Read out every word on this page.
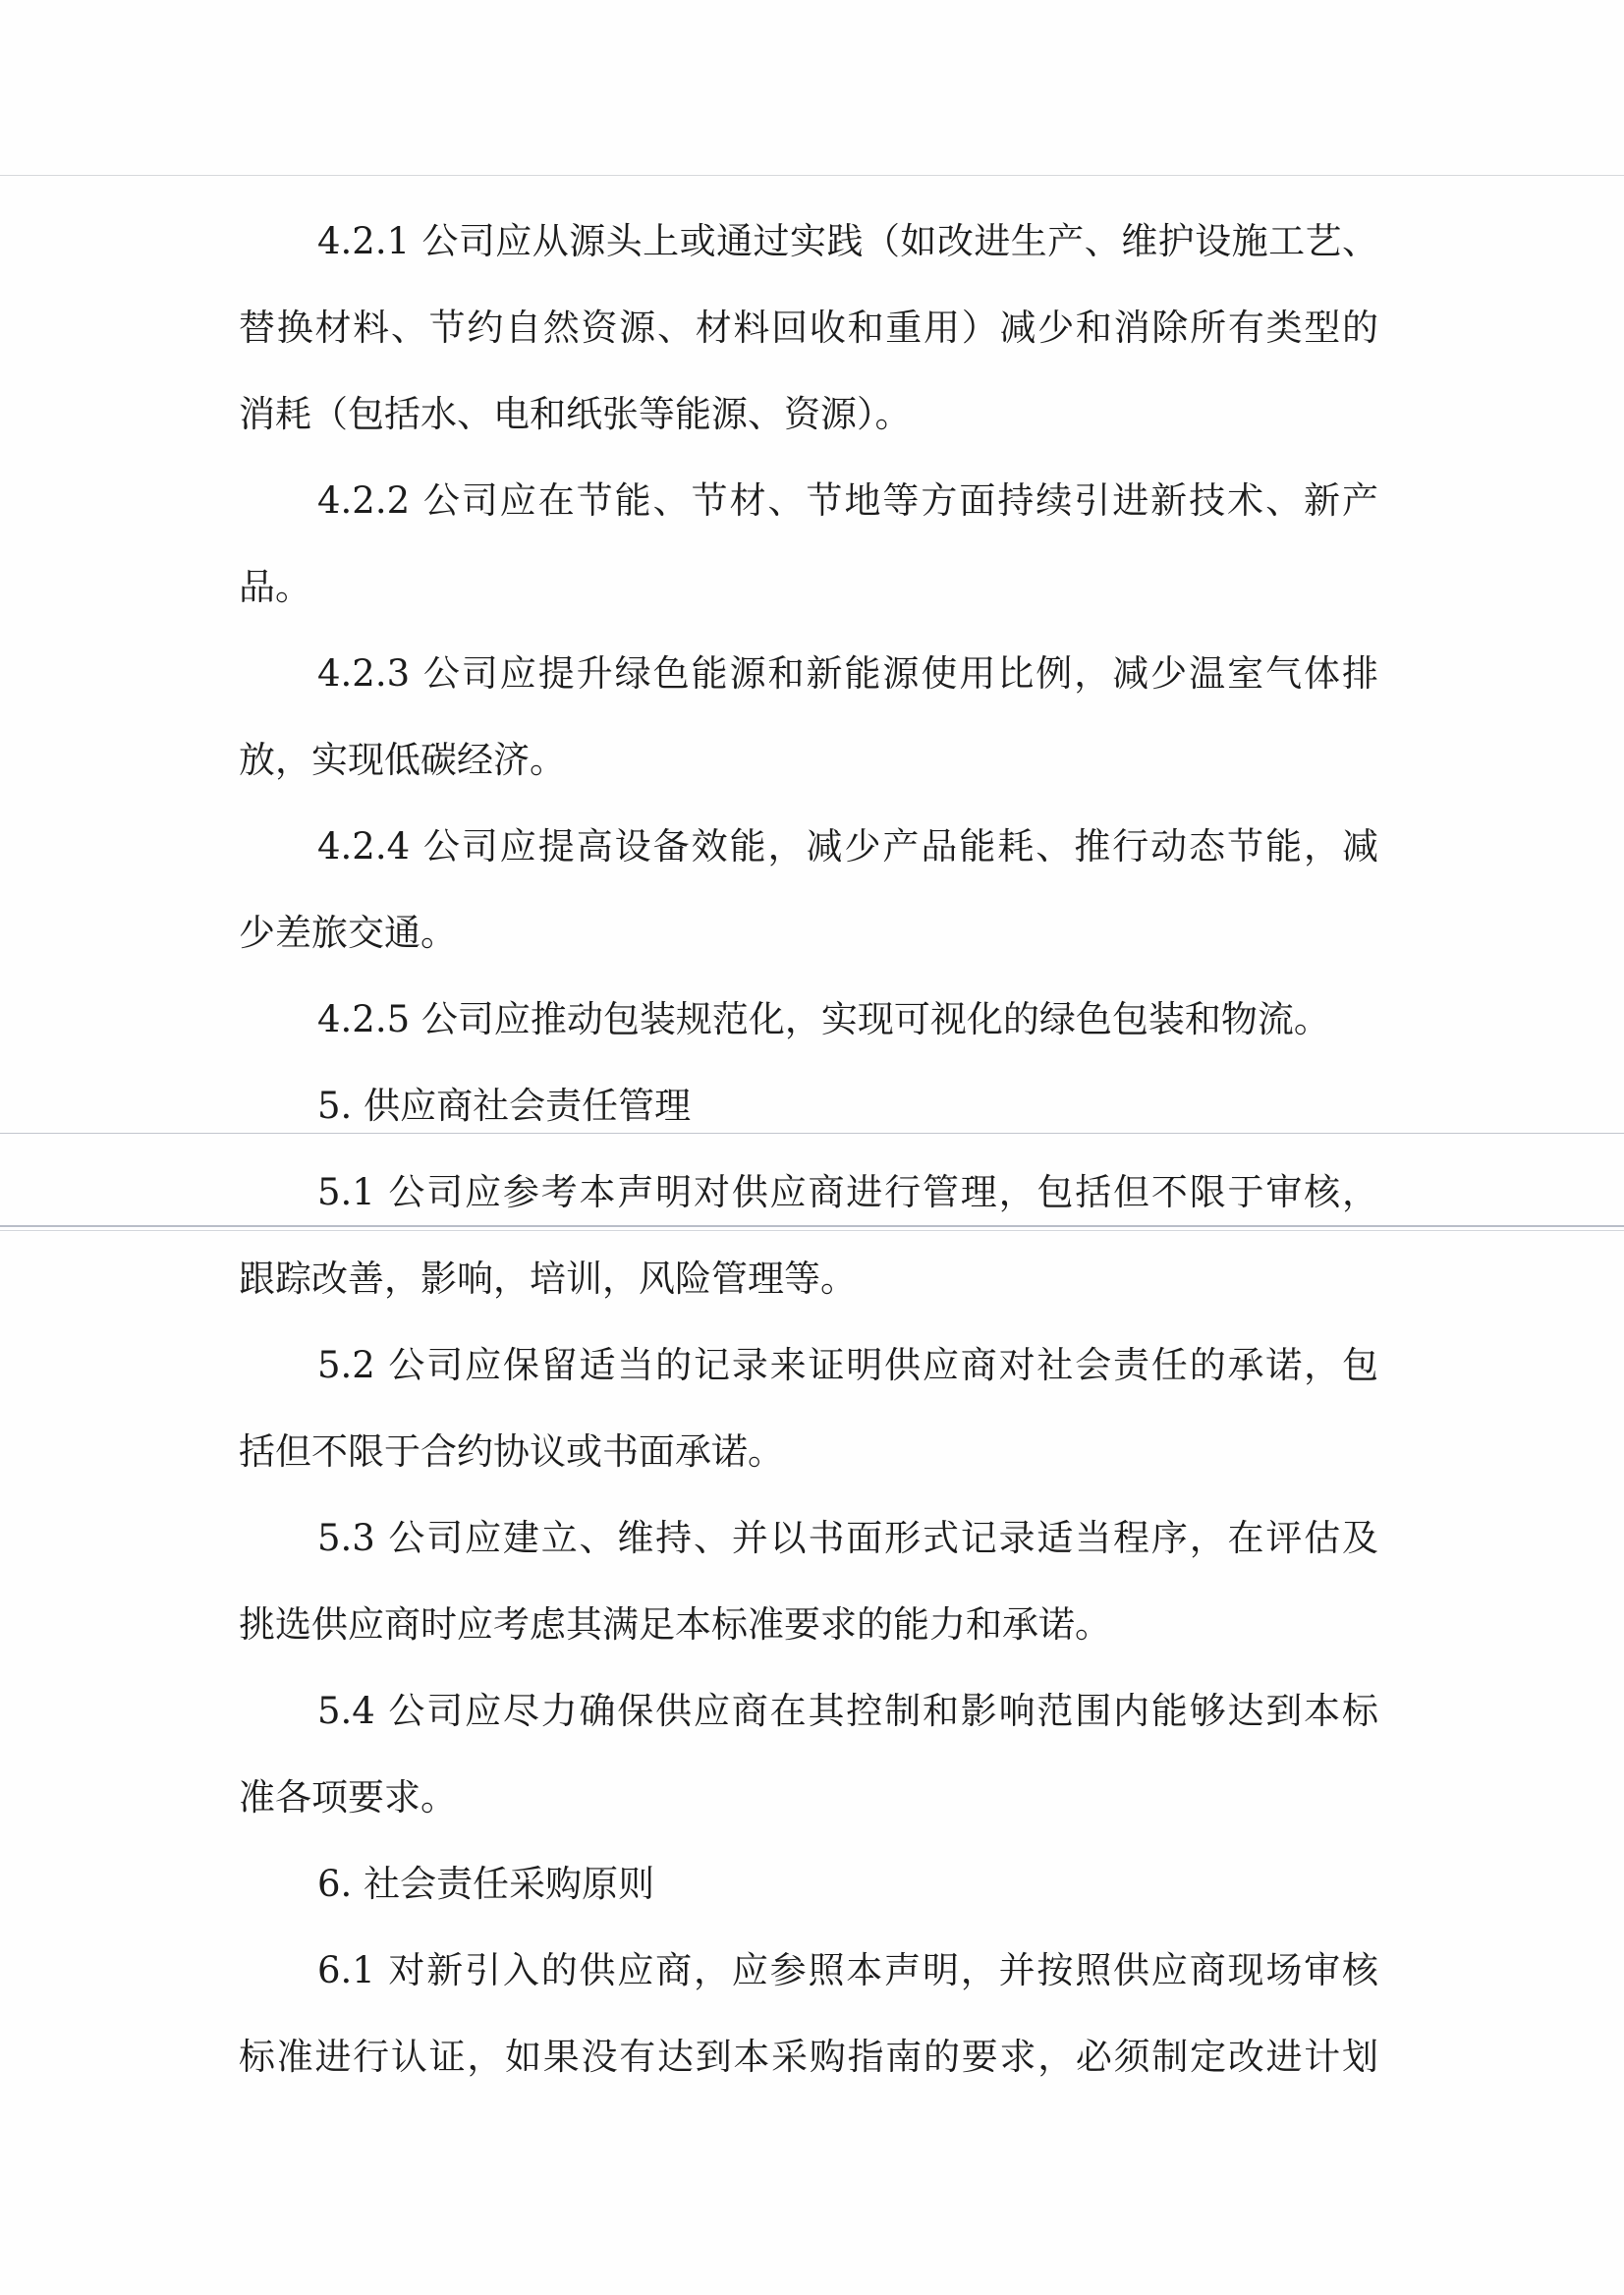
4.2.1 公司应从源头上或通过实践（如改进生产、维护设施工艺、
替换材料、节约自然资源、材料回收和重用）减少和消除所有类型的
消耗（包括水、电和纸张等能源、资源）。
4.2.2 公司应在节能、节材、节地等方面持续引进新技术、新产
品。
4.2.3 公司应提升绿色能源和新能源使用比例，减少温室气体排
放，实现低碳经济。
4.2.4 公司应提高设备效能，减少产品能耗、推行动态节能，减
少差旅交通。
4.2.5 公司应推动包装规范化，实现可视化的绿色包装和物流。
5. 供应商社会责任管理
5.1 公司应参考本声明对供应商进行管理，包括但不限于审核，
跟踪改善，影响，培训，风险管理等。
5.2 公司应保留适当的记录来证明供应商对社会责任的承诺，包
括但不限于合约协议或书面承诺。
5.3 公司应建立、维持、并以书面形式记录适当程序，在评估及
挑选供应商时应考虑其满足本标准要求的能力和承诺。
5.4 公司应尽力确保供应商在其控制和影响范围内能够达到本标
准各项要求。
6. 社会责任采购原则
6.1 对新引入的供应商，应参照本声明，并按照供应商现场审核
标准进行认证，如果没有达到本采购指南的要求，必须制定改进计划
